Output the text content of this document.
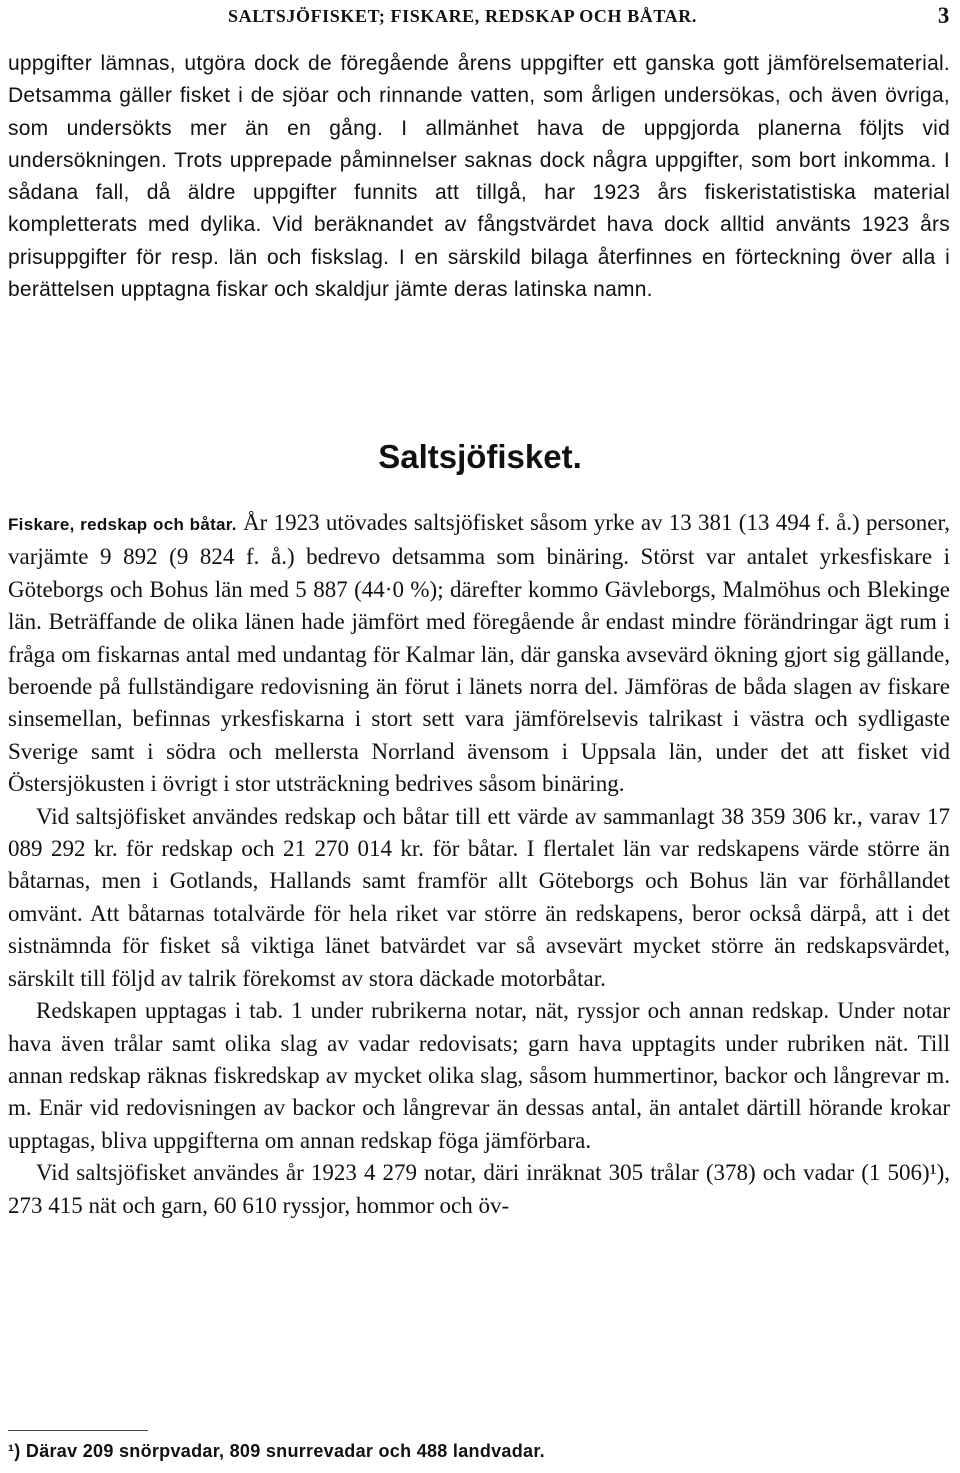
SALTSJÖFISKET; FISKARE, REDSKAP OCH BÅTAR.	3

uppgifter lämnas, utgöra dock de föregående årens uppgifter ett ganska gott jämförelsematerial. Detsamma gäller fisket i de sjöar och rinnande vatten, som årligen undersökas, och även övriga, som undersökts mer än en gång. I allmänhet hava de uppgjorda planerna följts vid undersökningen. Trots upprepade påminnelser saknas dock några uppgifter, som bort inkomma. I sådana fall, då äldre uppgifter funnits att tillgå, har 1923 års fiskeristatistiska material kompletterats med dylika. Vid beräknandet av fångstvärdet hava dock alltid använts 1923 års prisuppgifter för resp. län och fiskslag. I en särskild bilaga återfinnes en förteckning över alla i berättelsen upptagna fiskar och skaldjur jämte deras latinska namn.

Saltsjöfisket.

Fiskare, redskap och båtar. År 1923 utövades saltsjöfisket såsom yrke av 13 381 (13 494 f. å.) personer, varjämte 9 892 (9 824 f. å.) bedrevo detsamma som binäring. Störst var antalet yrkesfiskare i Göteborgs och Bohus län med 5 887 (44·0 %); därefter kommo Gävleborgs, Malmöhus och Blekinge län. Beträffande de olika länen hade jämfört med föregående år endast mindre förändringar ägt rum i fråga om fiskarnas antal med undantag för Kalmar län, där ganska avsevärd ökning gjort sig gällande, beroende på fullständigare redovisning än förut i länets norra del. Jämföras de båda slagen av fiskare sinsemellan, befinnas yrkesfiskarna i stort sett vara jämförelsevis talrikast i västra och sydligaste Sverige samt i södra och mellersta Norrland ävensom i Uppsala län, under det att fisket vid Östersjökusten i övrigt i stor utsträckning bedrives såsom binäring.

Vid saltsjöfisket användes redskap och båtar till ett värde av sammanlagt 38 359 306 kr., varav 17 089 292 kr. för redskap och 21 270 014 kr. för båtar. I flertalet län var redskapens värde större än båtarnas, men i Gotlands, Hallands samt framför allt Göteborgs och Bohus län var förhållandet omvänt. Att båtarnas totalvärde för hela riket var större än redskapens, beror också därpå, att i det sistnämnda för fisket så viktiga länet batvärdet var så avsevärt mycket större än redskapsvärdet, särskilt till följd av talrik förekomst av stora däckade motorbåtar.

Redskapen upptagas i tab. 1 under rubrikerna notar, nät, ryssjor och annan redskap. Under notar hava även trålar samt olika slag av vadar redovisats; garn hava upptagits under rubriken nät. Till annan redskap räknas fiskredskap av mycket olika slag, såsom hummertinor, backor och långrevar m. m. Enär vid redovisningen av backor och långrevar än dessas antal, än antalet därtill hörande krokar upptagas, bliva uppgifterna om annan redskap föga jämförbara.

Vid saltsjöfisket användes år 1923 4 279 notar, däri inräknat 305 trålar (378) och vadar (1 506)¹), 273 415 nät och garn, 60 610 ryssjor, hommor och öv-

¹) Därav 209 snörpvadar, 809 snurrevadar och 488 landvadar.
